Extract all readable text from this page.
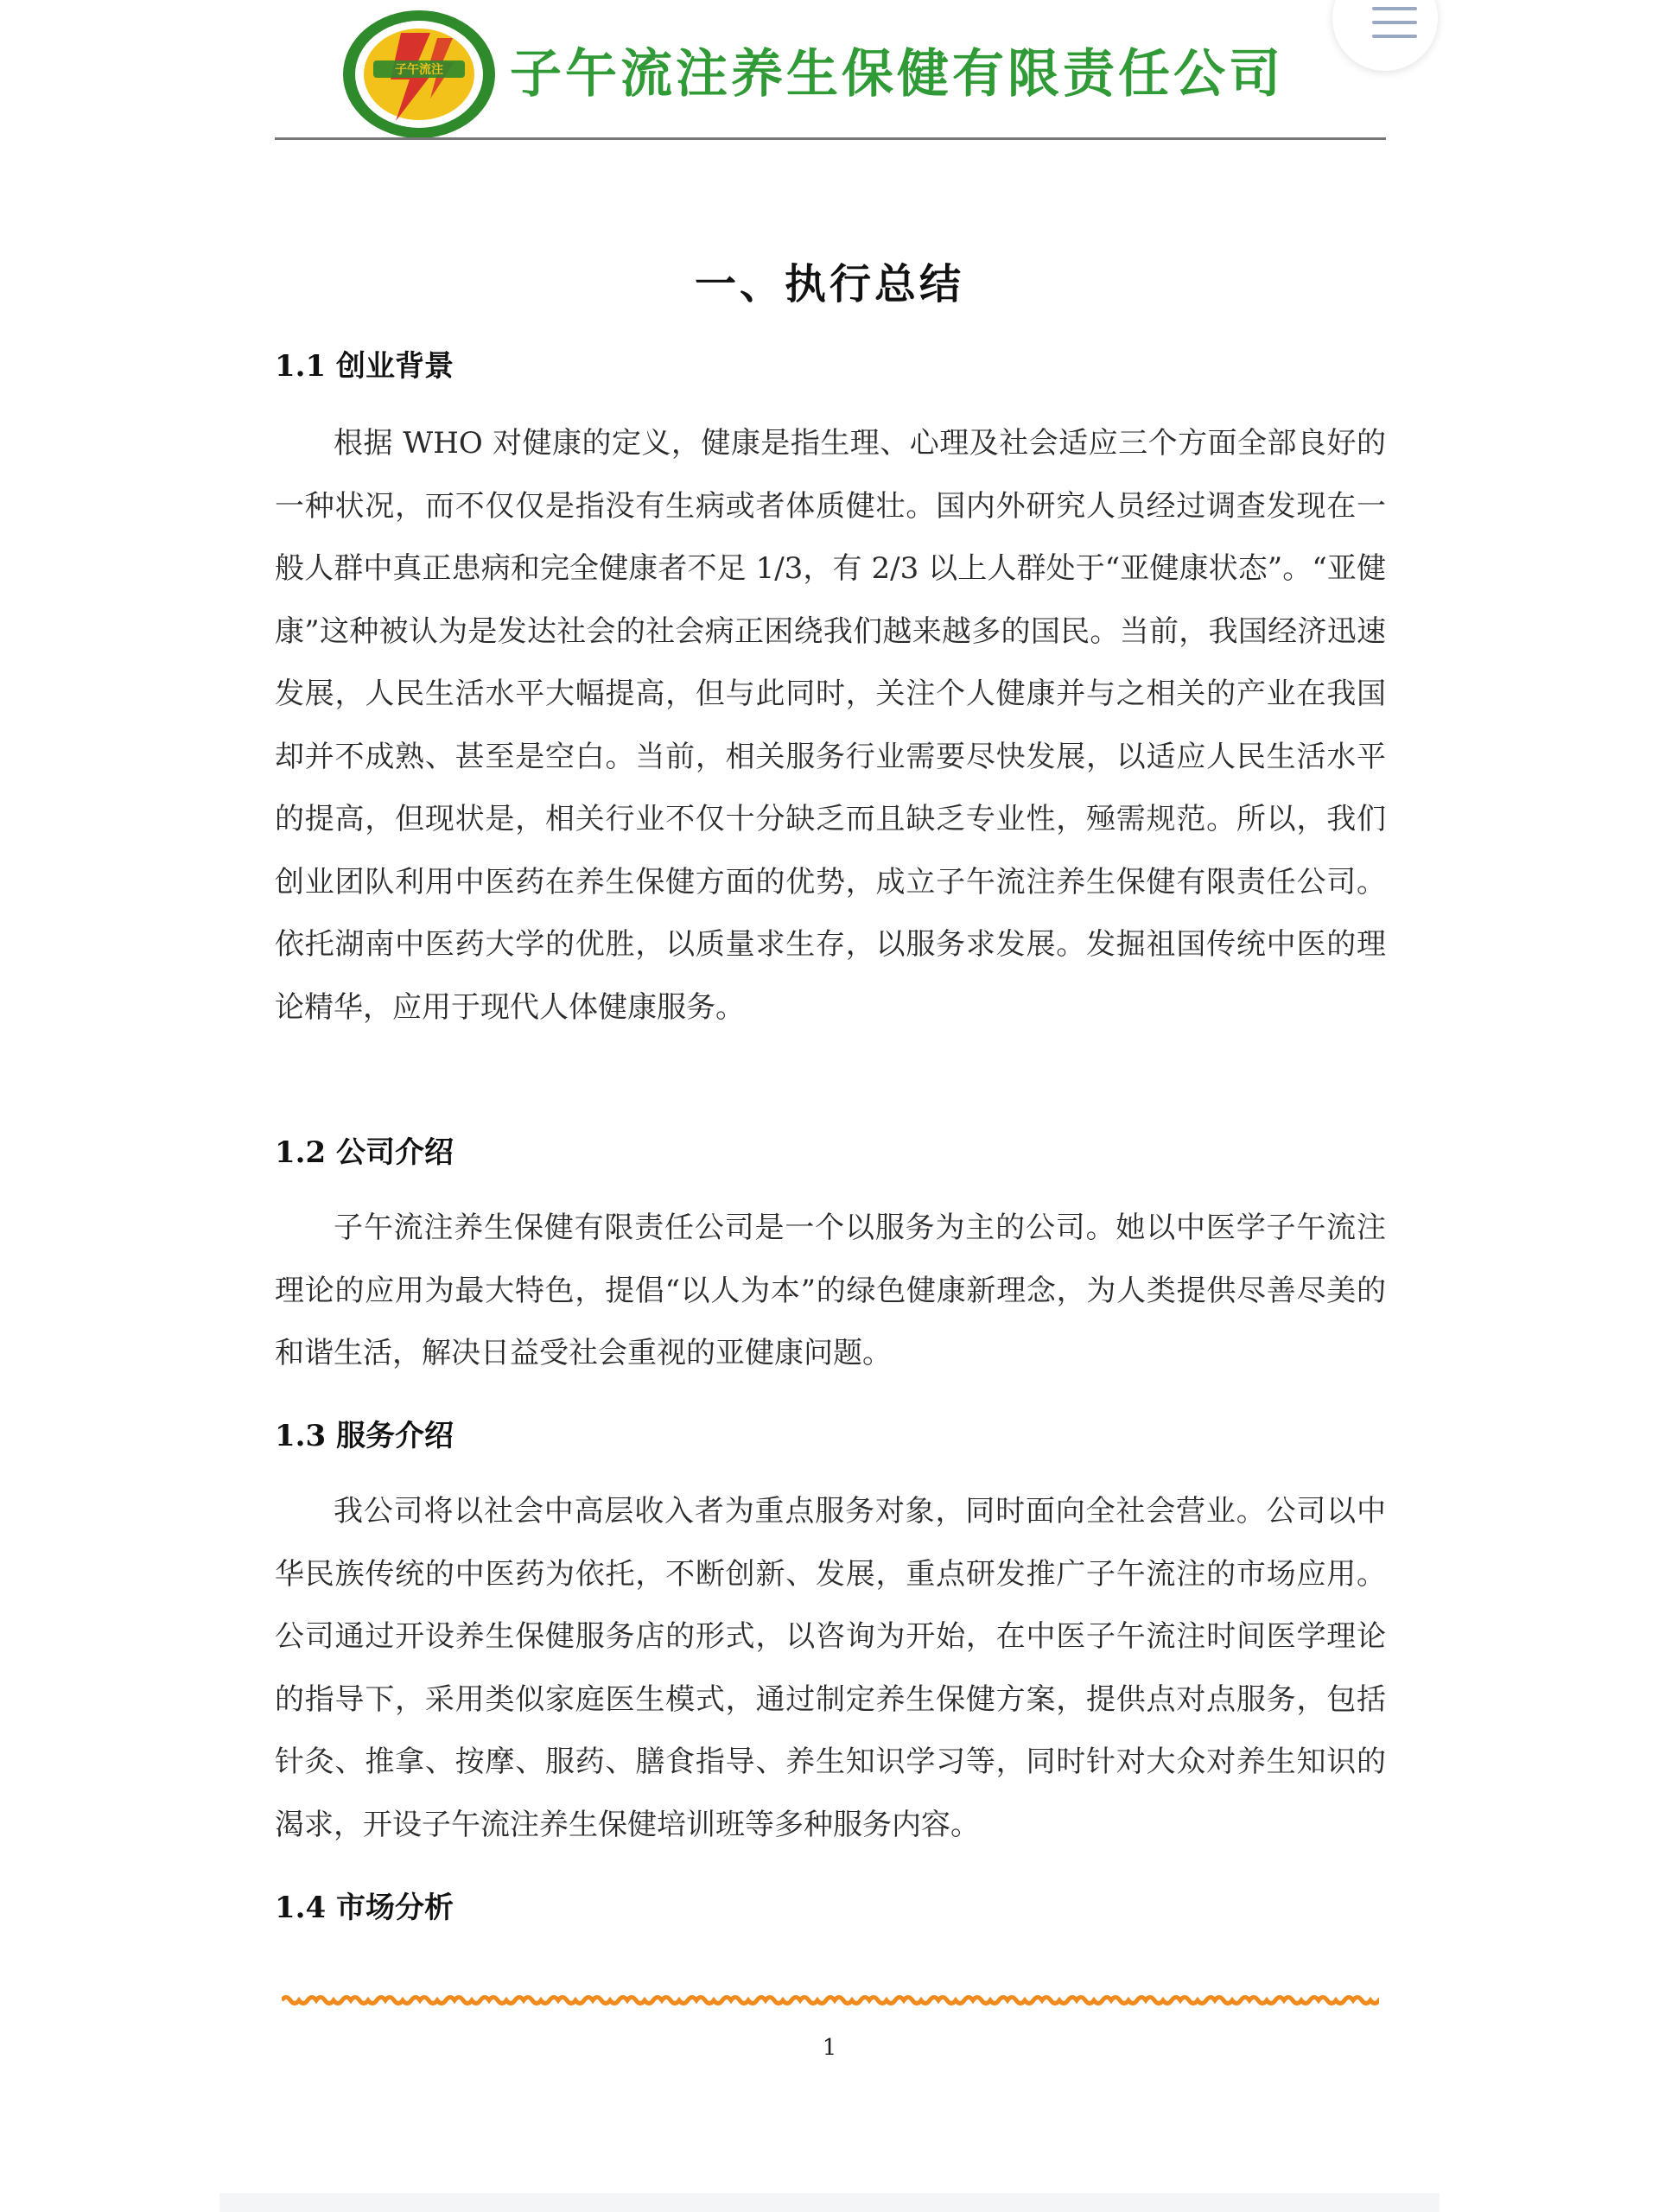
子午流注 子午流注养生保健有限责任公司
一、执行总结
1.1 创业背景
根据 WHO 对健康的定义，健康是指生理、心理及社会适应三个方面全部良好的一种状况，而不仅仅是指没有生病或者体质健壮。国内外研究人员经过调查发现在一般人群中真正患病和完全健康者不足 1/3，有 2/3 以上人群处于“亚健康状态”。“亚健康”这种被认为是发达社会的社会病正困绕我们越来越多的国民。当前，我国经济迅速发展，人民生活水平大幅提高，但与此同时，关注个人健康并与之相关的产业在我国却并不成熟、甚至是空白。当前，相关服务行业需要尽快发展，以适应人民生活水平的提高，但现状是，相关行业不仅十分缺乏而且缺乏专业性，殛需规范。所以，我们创业团队利用中医药在养生保健方面的优势，成立子午流注养生保健有限责任公司。依托湖南中医药大学的优胜，以质量求生存，以服务求发展。发掘祖国传统中医的理论精华，应用于现代人体健康服务。
1.2 公司介绍
子午流注养生保健有限责任公司是一个以服务为主的公司。她以中医学子午流注理论的应用为最大特色，提倡“以人为本”的绿色健康新理念，为人类提供尽善尽美的和谐生活，解决日益受社会重视的亚健康问题。
1.3 服务介绍
我公司将以社会中高层收入者为重点服务对象，同时面向全社会营业。公司以中华民族传统的中医药为依托，不断创新、发展，重点研发推广子午流注的市场应用。公司通过开设养生保健服务店的形式，以咨询为开始，在中医子午流注时间医学理论的指导下，采用类似家庭医生模式，通过制定养生保健方案，提供点对点服务，包括针灸、推拿、按摩、服药、膳食指导、养生知识学习等，同时针对大众对养生知识的渴求，开设子午流注养生保健培训班等多种服务内容。
1.4 市场分析
1
